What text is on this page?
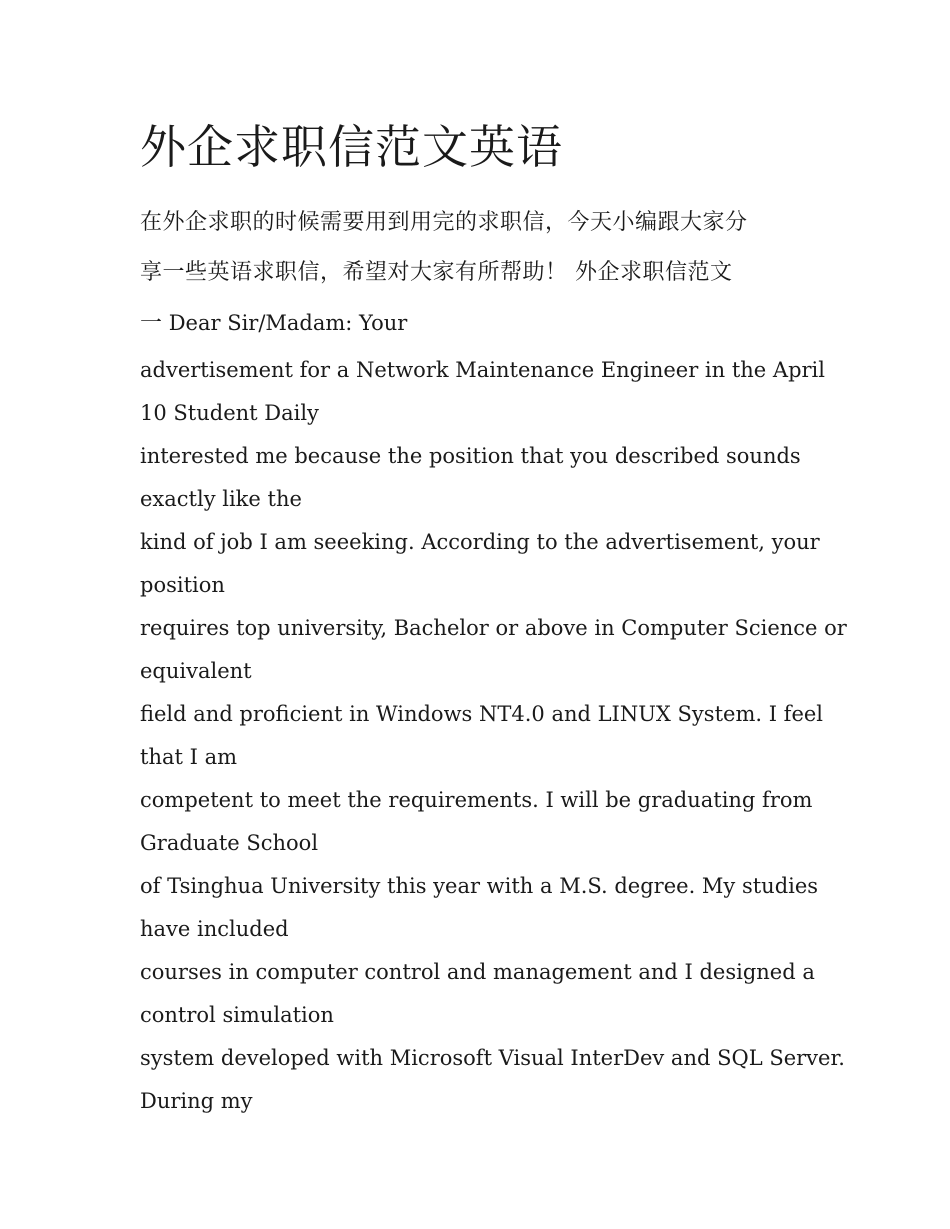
外企求职信范文英语

在外企求职的时候需要用到用完的求职信，今天小编跟大家分
享一些英语求职信，希望对大家有所帮助！ 外企求职信范文

一 Dear Sir/Madam: Your
advertisement for a Network Maintenance Engineer in the April
10 Student Daily
interested me because the position that you described sounds
exactly like the
kind of job I am seeeking. According to the advertisement, your
position
requires top university, Bachelor or above in Computer Science or
equivalent
field and proficient in Windows NT4.0 and LINUX System. I feel
that I am
competent to meet the requirements. I will be graduating from
Graduate School
of Tsinghua University this year with a M.S. degree. My studies
have included
courses in computer control and management and I designed a
control simulation
system developed with Microsoft Visual InterDev and SQL Server.
During my
